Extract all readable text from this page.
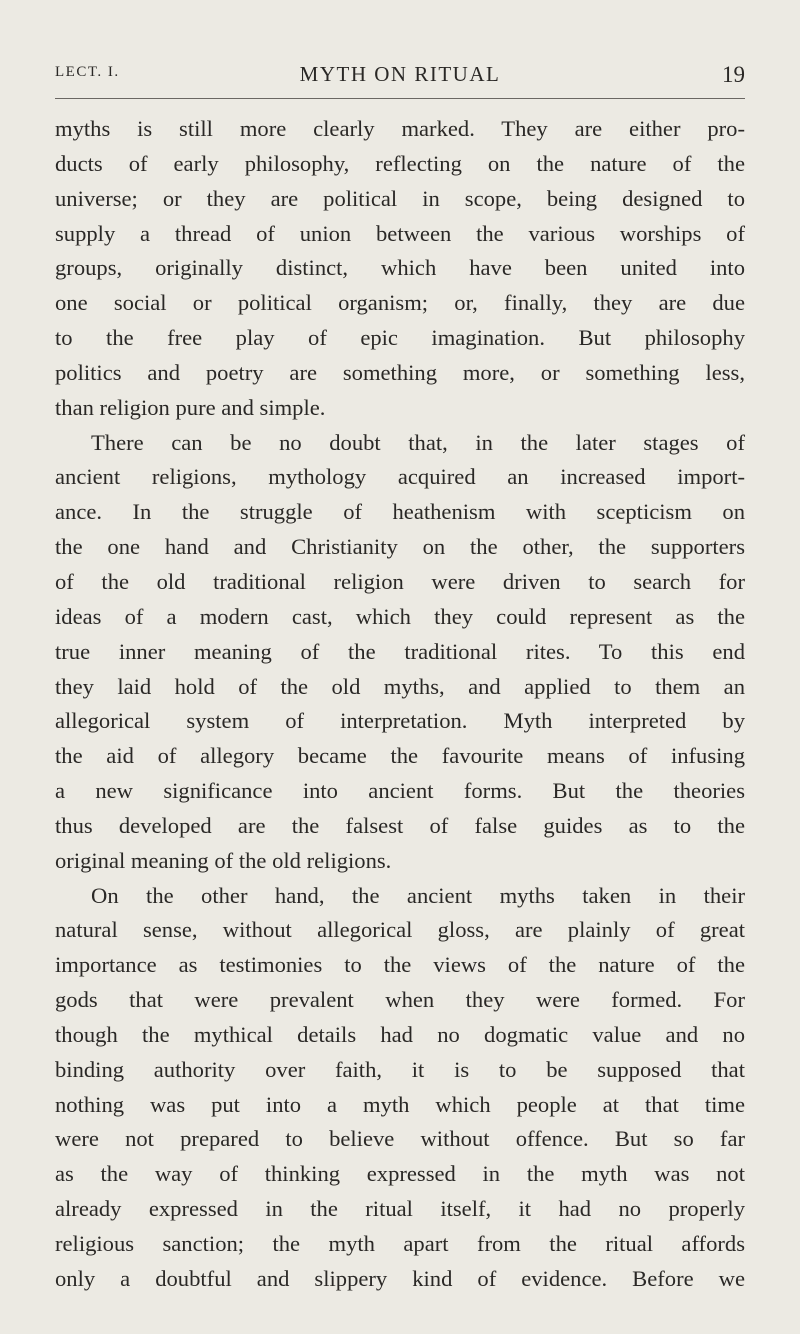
LECT. I.	MYTH ON RITUAL	19
myths is still more clearly marked. They are either pro-
ducts of early philosophy, reflecting on the nature of the
universe; or they are political in scope, being designed to
supply a thread of union between the various worships of
groups, originally distinct, which have been united into
one social or political organism; or, finally, they are due
to the free play of epic imagination. But philosophy
politics and poetry are something more, or something less,
than religion pure and simple.
There can be no doubt that, in the later stages of
ancient religions, mythology acquired an increased import-
ance. In the struggle of heathenism with scepticism on
the one hand and Christianity on the other, the supporters
of the old traditional religion were driven to search for
ideas of a modern cast, which they could represent as the
true inner meaning of the traditional rites. To this end
they laid hold of the old myths, and applied to them an
allegorical system of interpretation. Myth interpreted by
the aid of allegory became the favourite means of infusing
a new significance into ancient forms. But the theories
thus developed are the falsest of false guides as to the
original meaning of the old religions.
On the other hand, the ancient myths taken in their
natural sense, without allegorical gloss, are plainly of great
importance as testimonies to the views of the nature of the
gods that were prevalent when they were formed. For
though the mythical details had no dogmatic value and no
binding authority over faith, it is to be supposed that
nothing was put into a myth which people at that time
were not prepared to believe without offence. But so far
as the way of thinking expressed in the myth was not
already expressed in the ritual itself, it had no properly
religious sanction; the myth apart from the ritual affords
only a doubtful and slippery kind of evidence. Before we
